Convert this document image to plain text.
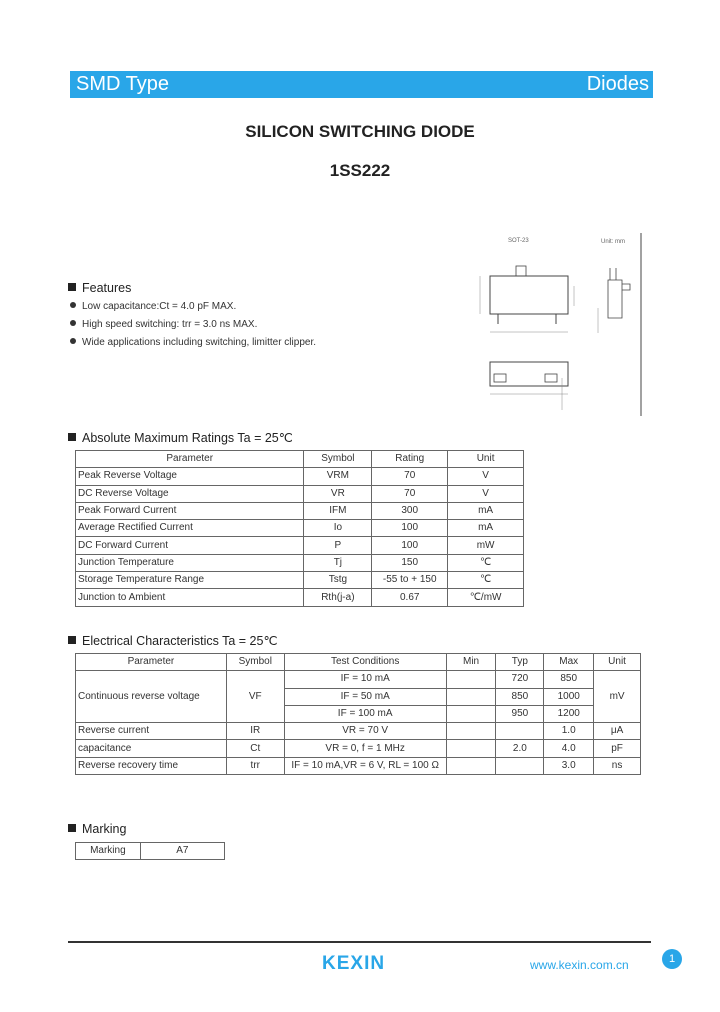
SMD Type	Diodes
SILICON SWITCHING DIODE
1SS222
SOT-23	Unit: mm
Features
Low capacitance:Ct = 4.0 pF MAX.
High speed switching: trr = 3.0 ns MAX.
Wide applications including switching, limitter clipper.
Absolute Maximum Ratings Ta = 25℃
Parameter	Symbol	Rating	Unit
Peak Reverse Voltage	VRM	70	V
DC Reverse Voltage	VR	70	V
Peak Forward Current	IFM	300	mA
Average Rectified Current	Io	100	mA
DC Forward Current	P	100	mW
Junction Temperature	Tj	150	℃
Storage Temperature Range	Tstg	-55 to + 150	℃
Junction to Ambient	Rth(j-a)	0.67	℃/mW
Electrical Characteristics Ta = 25℃
Parameter	Symbol	Test Conditions	Min	Typ	Max	Unit
Continuous reverse voltage	VF	IF = 10 mA		720	850	mV
		IF = 50 mA		850	1000	
		IF = 100 mA		950	1200	
Reverse current	IR	VR = 70 V			1.0	μA
capacitance	Ct	VR = 0, f = 1 MHz		2.0	4.0	pF
Reverse recovery time	trr	IF = 10 mA,VR = 6 V, RL = 100 Ω			3.0	ns
Marking
Marking	A7
KEXIN	www.kexin.com.cn	1
